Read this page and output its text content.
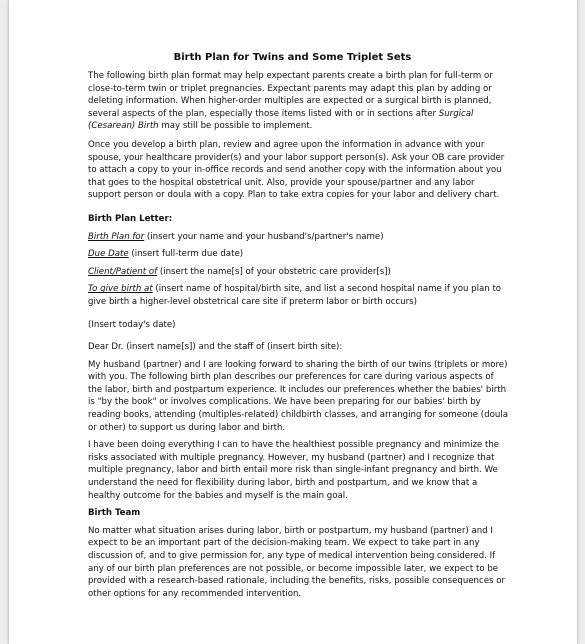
Birth Plan for Twins and Some Triplet Sets

The following birth plan format may help expectant parents create a birth plan for full-term or close-to-term twin or triplet pregnancies. Expectant parents may adapt this plan by adding or deleting information. When higher-order multiples are expected or a surgical birth is planned, several aspects of the plan, especially those items listed with or in sections after Surgical (Cesarean) Birth may still be possible to implement.

Once you develop a birth plan, review and agree upon the information in advance with your spouse, your healthcare provider(s) and your labor support person(s). Ask your OB care provider to attach a copy to your in-office records and send another copy with the information about you that goes to the hospital obstetrical unit. Also, provide your spouse/partner and any labor support person or doula with a copy. Plan to take extra copies for your labor and delivery chart.

Birth Plan Letter:

Birth Plan for (insert your name and your husband's/partner's name)

Due Date (insert full-term due date)

Client/Patient of (insert the name[s] of your obstetric care provider[s])

To give birth at (insert name of hospital/birth site, and list a second hospital name if you plan to give birth a higher-level obstetrical care site if preterm labor or birth occurs)

(Insert today's date)

Dear Dr. (insert name[s]) and the staff of (insert birth site):

My husband (partner) and I are looking forward to sharing the birth of our twins (triplets or more) with you. The following birth plan describes our preferences for care during various aspects of the labor, birth and postpartum experience. It includes our preferences whether the babies' birth is "by the book" or involves complications. We have been preparing for our babies' birth by reading books, attending (multiples-related) childbirth classes, and arranging for someone (doula or other) to support us during labor and birth.

I have been doing everything I can to have the healthiest possible pregnancy and minimize the risks associated with multiple pregnancy. However, my husband (partner) and I recognize that multiple pregnancy, labor and birth entail more risk than single-infant pregnancy and birth. We understand the need for flexibility during labor, birth and postpartum, and we know that a healthy outcome for the babies and myself is the main goal.

Birth Team

No matter what situation arises during labor, birth or postpartum, my husband (partner) and I expect to be an important part of the decision-making team. We expect to take part in any discussion of, and to give permission for, any type of medical intervention being considered. If any of our birth plan preferences are not possible, or become impossible later, we expect to be provided with a research-based rationale, including the benefits, risks, possible consequences or other options for any recommended intervention.
